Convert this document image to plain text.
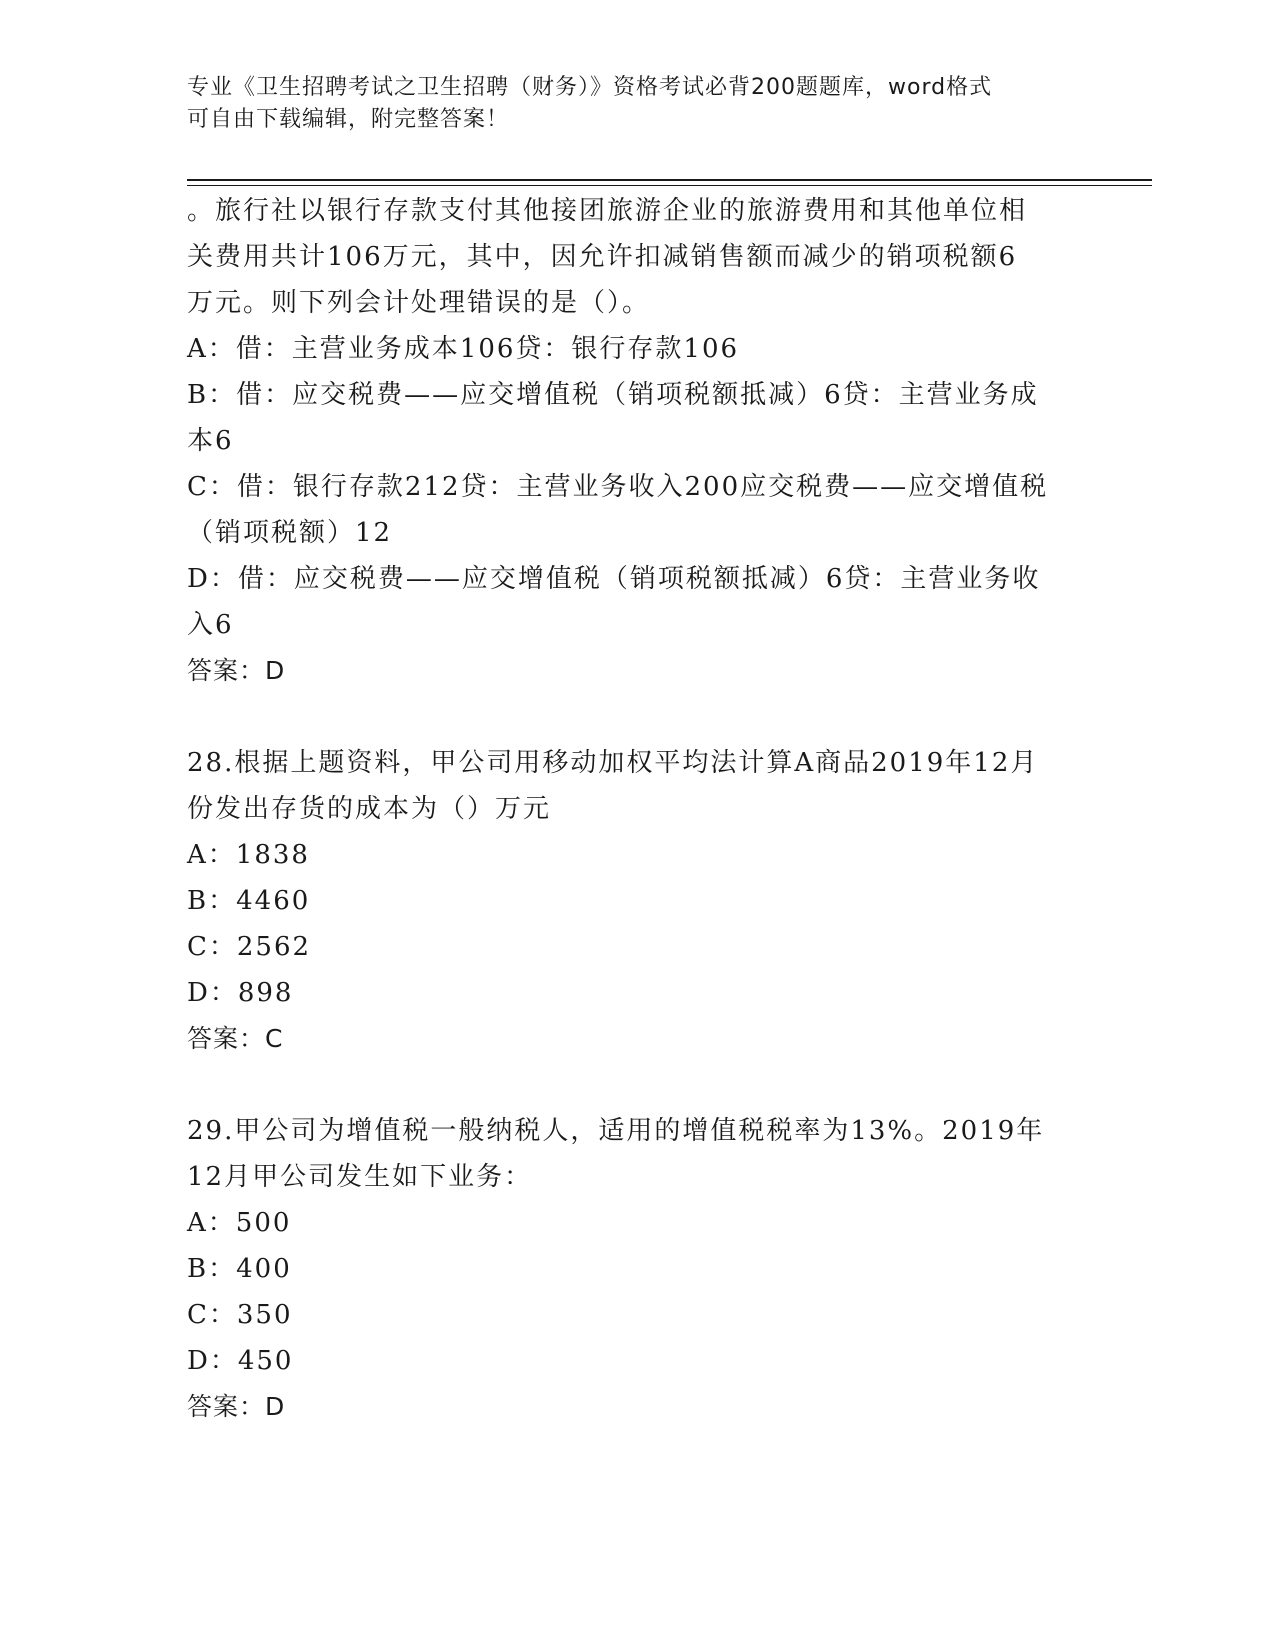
专业《卫生招聘考试之卫生招聘（财务）》资格考试必背200题题库，word格式
可自由下载编辑，附完整答案！

。旅行社以银行存款支付其他接团旅游企业的旅游费用和其他单位相

关费用共计106万元，其中，因允许扣减销售额而减少的销项税额6

万元。则下列会计处理错误的是（）。

A：借：主营业务成本106贷：银行存款106

B：借：应交税费——应交增值税（销项税额抵减）6贷：主营业务成

本6

C：借：银行存款212贷：主营业务收入200应交税费——应交增值税

（销项税额）12

D：借：应交税费——应交增值税（销项税额抵减）6贷：主营业务收

入6

答案：D

28.根据上题资料，甲公司用移动加权平均法计算A商品2019年12月

份发出存货的成本为（）万元

A：1838

B：4460

C：2562

D：898

答案：C

29.甲公司为增值税一般纳税人，适用的增值税税率为13%。2019年

12月甲公司发生如下业务：

A：500

B：400

C：350

D：450

答案：D
